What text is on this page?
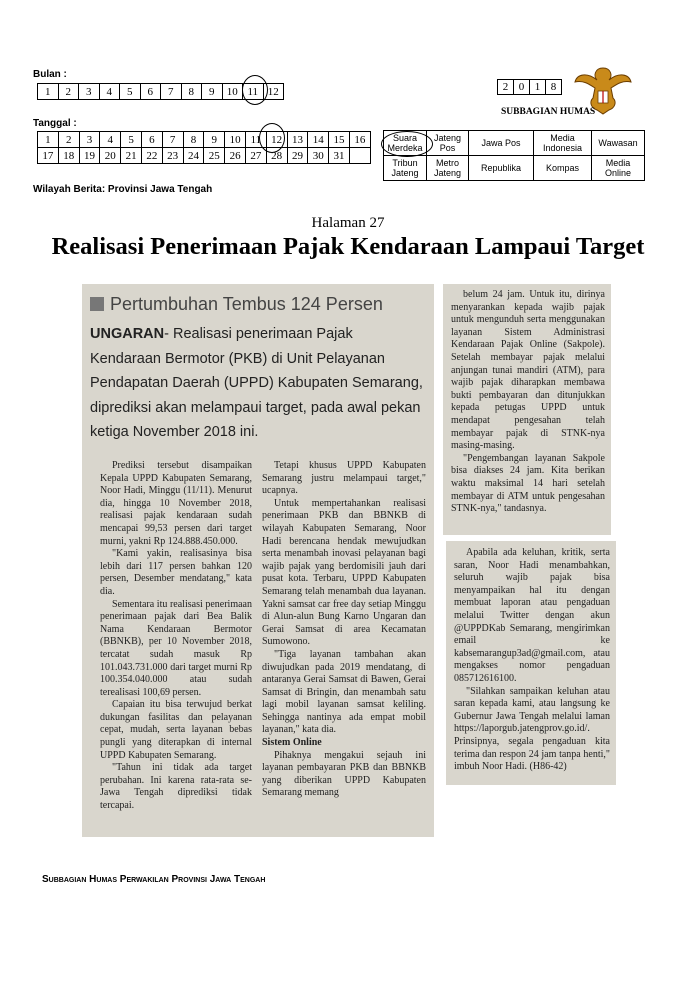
Bulan :
1	2	3	4	5	6	7	8	9	10	11	12
Tanggal :
1	2	3	4	5	6	7	8	9	10	11	12	13	14	15	16
17	18	19	20	21	22	23	24	25	26	27	28	29	30	31	
Wilayah Berita: Provinsi Jawa Tengah
2	0	1	8
SUBBAGIAN HUMAS
Suara Merdeka	Jateng Pos	Jawa Pos	Media Indonesia	Wawasan
Tribun Jateng	Metro Jateng	Republika	Kompas	Media Online
Halaman 27
Realisasi Penerimaan Pajak Kendaraan Lampaui Target
Pertumbuhan Tembus 124 Persen
UNGARAN- Realisasi penerimaan Pajak Kendaraan Bermotor (PKB) di Unit Pelayanan Pendapatan Daerah (UPPD) Kabupaten Semarang, diprediksi akan melampaui target, pada awal pekan ketiga November 2018 ini.

Prediksi tersebut disampaikan Kepala UPPD Kabupaten Semarang, Noor Hadi, Minggu (11/11). Menurut dia, hingga 10 November 2018, realisasi pajak kendaraan sudah mencapai 99,53 persen dari target murni, yakni Rp 124.888.450.000.

"Kami yakin, realisasinya bisa lebih dari 117 persen bahkan 120 persen, Desember mendatang," kata dia.

Sementara itu realisasi penerimaan penerimaan pajak dari Bea Balik Nama Kendaraan Bermotor (BBNKB), per 10 November 2018, tercatat sudah masuk Rp 101.043.731.000 dari target murni Rp 100.354.040.000 atau sudah terealisasi 100,69 persen.

Capaian itu bisa terwujud berkat dukungan fasilitas dan pelayanan cepat, mudah, serta layanan bebas pungli yang diterapkan di internal UPPD Kabupaten Semarang.

"Tahun ini tidak ada target perubahan. Ini karena rata-rata se-Jawa Tengah diprediksi tidak tercapai.

Tetapi khusus UPPD Kabupaten Semarang justru melampaui target," ucapnya.

Untuk mempertahankan realisasi penerimaan PKB dan BBNKB di wilayah Kabupaten Semarang, Noor Hadi berencana hendak mewujudkan serta menambah inovasi pelayanan bagi wajib pajak yang berdomisili jauh dari pusat kota. Terbaru, UPPD Kabupaten Semarang telah menambah dua layanan. Yakni samsat car free day setiap Minggu di Alun-alun Bung Karno Ungaran dan Gerai Samsat di area Kecamatan Sumowono.

"Tiga layanan tambahan akan diwujudkan pada 2019 mendatang, di antaranya Gerai Samsat di Bawen, Gerai Samsat di Bringin, dan menambah satu lagi mobil layanan samsat keliling. Sehingga nantinya ada empat mobil layanan," kata dia.

Sistem Online

Pihaknya mengakui sejauh ini layanan pembayaran PKB dan BBNKB yang diberikan UPPD Kabupaten Semarang memang

belum 24 jam. Untuk itu, dirinya menyarankan kepada wajib pajak untuk mengunduh serta menggunakan layanan Sistem Administrasi Kendaraan Pajak Online (Sakpole). Setelah membayar pajak melalui anjungan tunai mandiri (ATM), para wajib pajak diharapkan membawa bukti pembayaran dan ditunjukkan kepada petugas UPPD untuk mendapat pengesahan telah membayar pajak di STNK-nya masing-masing.

"Pengembangan layanan Sakpole bisa diakses 24 jam. Kita berikan waktu maksimal 14 hari setelah membayar di ATM untuk pengesahan STNK-nya," tandasnya.

Apabila ada keluhan, kritik, serta saran, Noor Hadi menambahkan, seluruh wajib pajak bisa menyampaikan hal itu dengan membuat laporan atau pengaduan melalui Twitter dengan akun @UPPDKab Semarang, mengirimkan email ke kabsemarangup3ad@gmail.com, atau mengakses nomor pengaduan 085712616100.

"Silahkan sampaikan keluhan atau saran kepada kami, atau langsung ke Gubernur Jawa Tengah melalui laman https://laporgub.jatengprov.go.id/. Prinsipnya, segala pengaduan kita terima dan respon 24 jam tanpa henti," imbuh Noor Hadi. (H86-42)

Subbagian Humas Perwakilan Provinsi Jawa Tengah
